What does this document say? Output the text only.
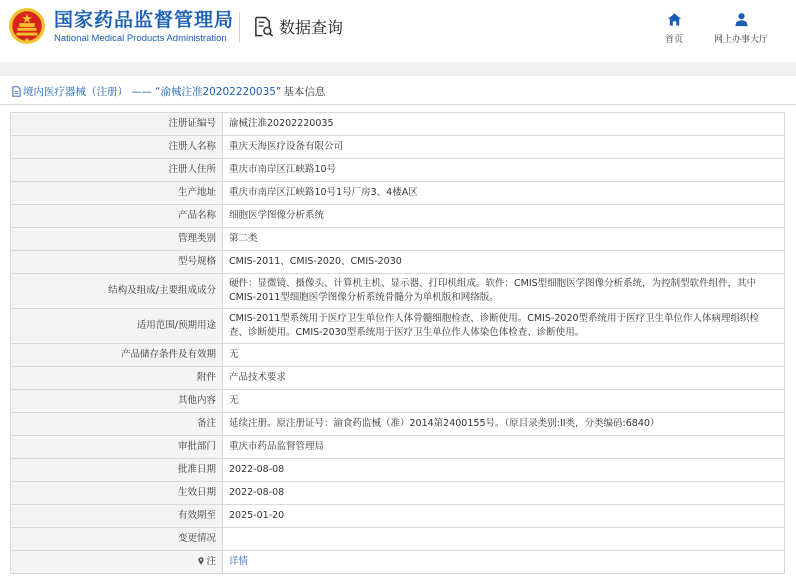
国家药品监督管理局
National Medical Products Administration
数据查询
首页	网上办事大厅
境内医疗器械（注册） —— “渝械注准20202220035” 基本信息
注册证编号	渝械注准20202220035
注册人名称	重庆天海医疗设备有限公司
注册人住所	重庆市南岸区江峡路10号
生产地址	重庆市南岸区江峡路10号1号厂房3、4楼A区
产品名称	细胞医学图像分析系统
管理类别	第二类
型号规格	CMIS-2011、CMIS-2020、CMIS-2030
结构及组成/主要组成成分	硬件：显微镜、摄像头、计算机主机、显示器、打印机组成。软件：CMIS型细胞医学图像分析系统，为控制型软件组件，其中CMIS-2011型细胞医学图像分析系统骨髓分为单机版和网络版。
适用范围/预期用途	CMIS-2011型系统用于医疗卫生单位作人体骨髓细胞检查、诊断使用。CMIS-2020型系统用于医疗卫生单位作人体病理组织检查、诊断使用。CMIS-2030型系统用于医疗卫生单位作人体染色体检查、诊断使用。
产品储存条件及有效期	无
附件	产品技术要求
其他内容	无
备注	延续注册。原注册证号：渝食药监械（准）2014第2400155号。（原目录类别:II类，分类编码:6840）
审批部门	重庆市药品监督管理局
批准日期	2022-08-08
生效日期	2022-08-08
有效期至	2025-01-20
变更情况	
注	详情
